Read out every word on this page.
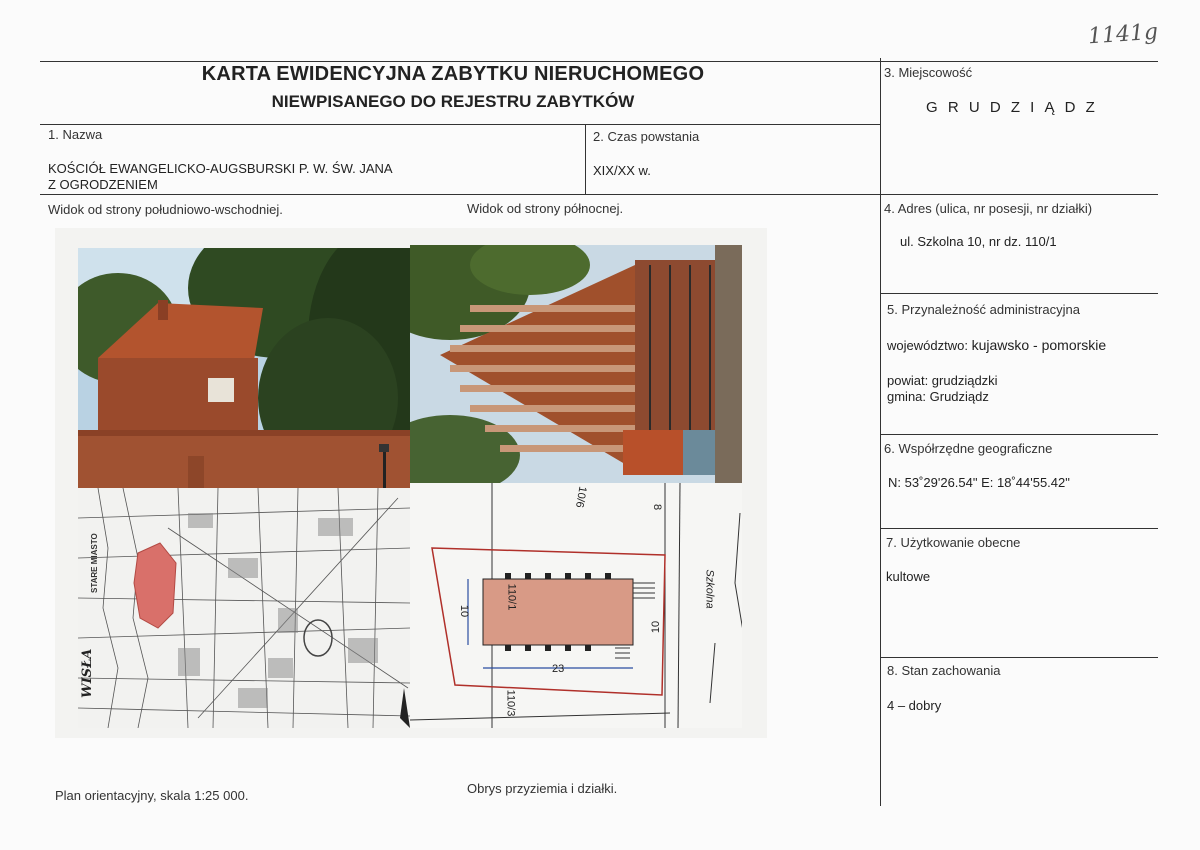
1141g
KARTA EWIDENCYJNA ZABYTKU NIERUCHOMEGO
NIEWPISANEGO DO REJESTRU ZABYTKÓW
1. Nazwa
KOŚCIÓŁ EWANGELICKO-AUGSBURSKI P. W. ŚW. JANA
Z OGRODZENIEM
2. Czas powstania
XIX/XX w.
3. Miejscowość
G R U D Z I Ą D Z
4. Adres (ulica, nr posesji, nr działki)
ul. Szkolna 10, nr dz. 110/1
5. Przynależność administracyjna
województwo: kujawsko - pomorskie
powiat: grudziądzki
gmina: Grudziądz
6. Współrzędne geograficzne
N: 53˚29'26.54" E: 18˚44'55.42"
7. Użytkowanie obecne
kultowe
8. Stan zachowania
4 – dobry
Widok od strony południowo-wschodniej.	Widok od strony północnej.
Plan orientacyjny, skala 1:25 000.	Obrys przyziemia i działki.
STARE MIASTO
WISŁA
110/1
10/6	8
Szkolna
23
10
10
110/3
